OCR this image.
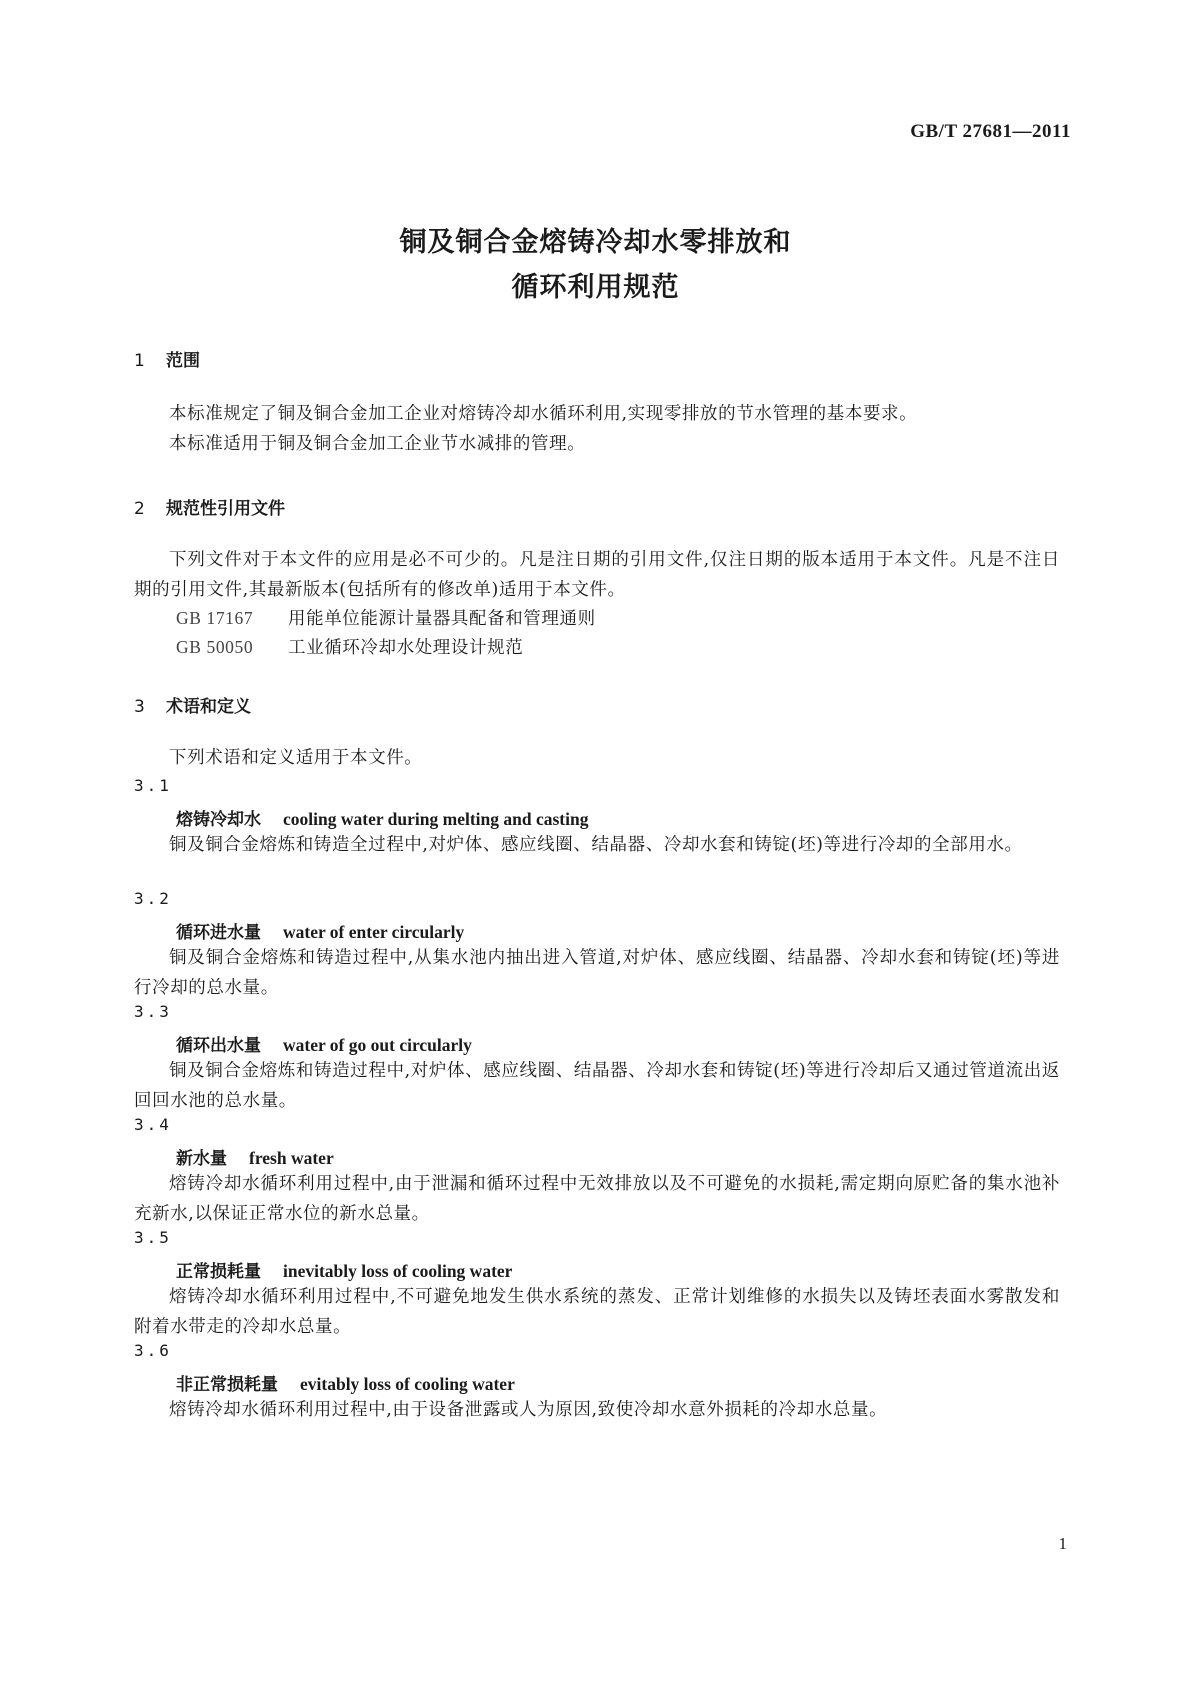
GB/T 27681—2011
铜及铜合金熔铸冷却水零排放和
循环利用规范
1 范围

本标准规定了铜及铜合金加工企业对熔铸冷却水循环利用,实现零排放的节水管理的基本要求。

本标准适用于铜及铜合金加工企业节水减排的管理。

2 规范性引用文件

下列文件对于本文件的应用是必不可少的。凡是注日期的引用文件,仅注日期的版本适用于本文件。凡是不注日期的引用文件,其最新版本(包括所有的修改单)适用于本文件。

GB 17167 用能单位能源计量器具配备和管理通则
GB 50050 工业循环冷却水处理设计规范
3 术语和定义

下列术语和定义适用于本文件。

3.1
熔铸冷却水 cooling water during melting and casting

铜及铜合金熔炼和铸造全过程中,对炉体、感应线圈、结晶器、冷却水套和铸锭(坯)等进行冷却的全部用水。

3.2
循环进水量 water of enter circularly

铜及铜合金熔炼和铸造过程中,从集水池内抽出进入管道,对炉体、感应线圈、结晶器、冷却水套和铸锭(坯)等进行冷却的总水量。

3.3
循环出水量 water of go out circularly

铜及铜合金熔炼和铸造过程中,对炉体、感应线圈、结晶器、冷却水套和铸锭(坯)等进行冷却后又通过管道流出返回回水池的总水量。

3.4
新水量 fresh water

熔铸冷却水循环利用过程中,由于泄漏和循环过程中无效排放以及不可避免的水损耗,需定期向原贮备的集水池补充新水,以保证正常水位的新水总量。

3.5
正常损耗量 inevitably loss of cooling water

熔铸冷却水循环利用过程中,不可避免地发生供水系统的蒸发、正常计划维修的水损失以及铸坯表面水雾散发和附着水带走的冷却水总量。

3.6
非正常损耗量 evitably loss of cooling water

熔铸冷却水循环利用过程中,由于设备泄露或人为原因,致使冷却水意外损耗的冷却水总量。

1
